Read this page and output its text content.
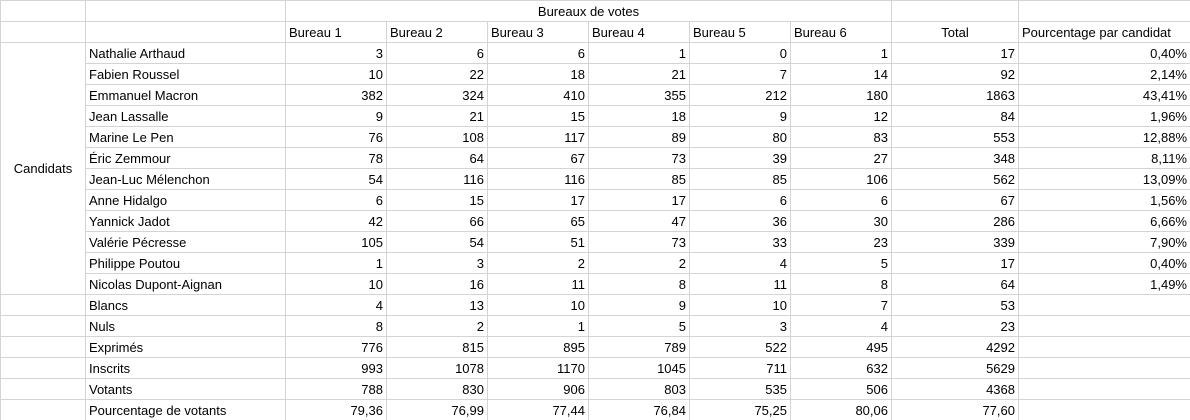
		Bureaux de votes							
		Bureau 1	Bureau 2	Bureau 3	Bureau 4	Bureau 5	Bureau 6	Total	Pourcentage par candidat
Candidats	Nathalie Arthaud	3	6	6	1	0	1	17	0,40%
	Fabien Roussel	10	22	18	21	7	14	92	2,14%
	Emmanuel Macron	382	324	410	355	212	180	1863	43,41%
	Jean Lassalle	9	21	15	18	9	12	84	1,96%
	Marine Le Pen	76	108	117	89	80	83	553	12,88%
	Éric Zemmour	78	64	67	73	39	27	348	8,11%
	Jean-Luc Mélenchon	54	116	116	85	85	106	562	13,09%
	Anne Hidalgo	6	15	17	17	6	6	67	1,56%
	Yannick Jadot	42	66	65	47	36	30	286	6,66%
	Valérie Pécresse	105	54	51	73	33	23	339	7,90%
	Philippe Poutou	1	3	2	2	4	5	17	0,40%
	Nicolas Dupont-Aignan	10	16	11	8	11	8	64	1,49%
	Blancs	4	13	10	9	10	7	53	
	Nuls	8	2	1	5	3	4	23	
	Exprimés	776	815	895	789	522	495	4292	
	Inscrits	993	1078	1170	1045	711	632	5629	
	Votants	788	830	906	803	535	506	4368	
	Pourcentage de votants	79,36	76,99	77,44	76,84	75,25	80,06	77,60	
